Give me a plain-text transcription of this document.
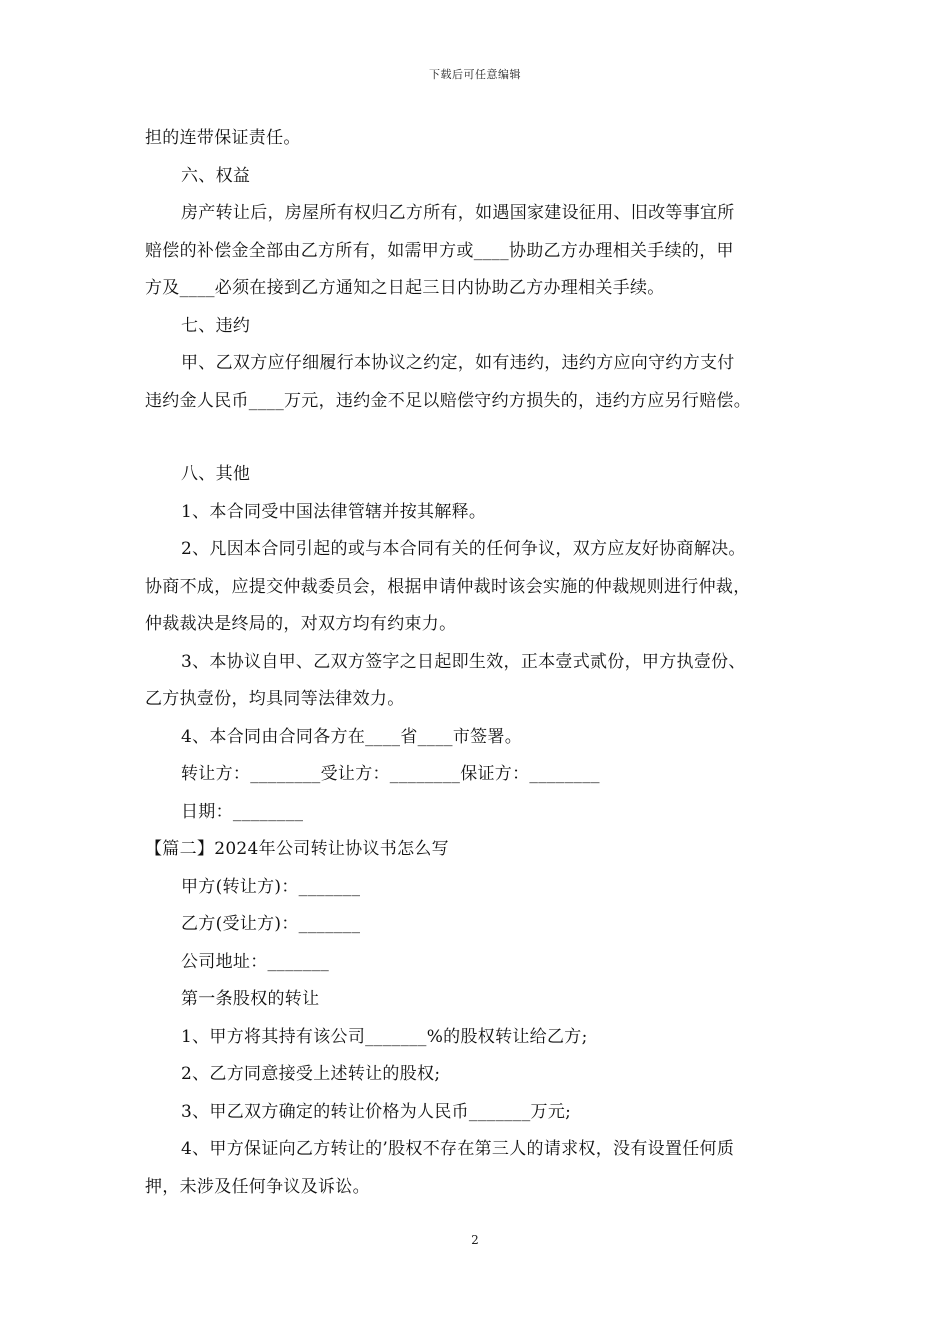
下载后可任意编辑
担的连带保证责任。
六、权益
房产转让后，房屋所有权归乙方所有，如遇国家建设征用、旧改等事宜所
赔偿的补偿金全部由乙方所有，如需甲方或____协助乙方办理相关手续的，甲
方及____必须在接到乙方通知之日起三日内协助乙方办理相关手续。
七、违约
甲、乙双方应仔细履行本协议之约定，如有违约，违约方应向守约方支付
违约金人民币____万元，违约金不足以赔偿守约方损失的，违约方应另行赔偿。
八、其他
1、本合同受中国法律管辖并按其解释。
2、凡因本合同引起的或与本合同有关的任何争议，双方应友好协商解决。
协商不成，应提交仲裁委员会，根据申请仲裁时该会实施的仲裁规则进行仲裁，
仲裁裁决是终局的，对双方均有约束力。
3、本协议自甲、乙双方签字之日起即生效，正本壹式贰份，甲方执壹份、
乙方执壹份，均具同等法律效力。
4、本合同由合同各方在____省____市签署。
转让方：________受让方：________保证方：________
日期：________
【篇二】2024年公司转让协议书怎么写
甲方(转让方)：_______
乙方(受让方)：_______
公司地址：_______
第一条股权的转让
1、甲方将其持有该公司_______%的股权转让给乙方;
2、乙方同意接受上述转让的股权;
3、甲乙双方确定的转让价格为人民币_______万元;
4、甲方保证向乙方转让的’股权不存在第三人的请求权，没有设置任何质
押，未涉及任何争议及诉讼。
2
